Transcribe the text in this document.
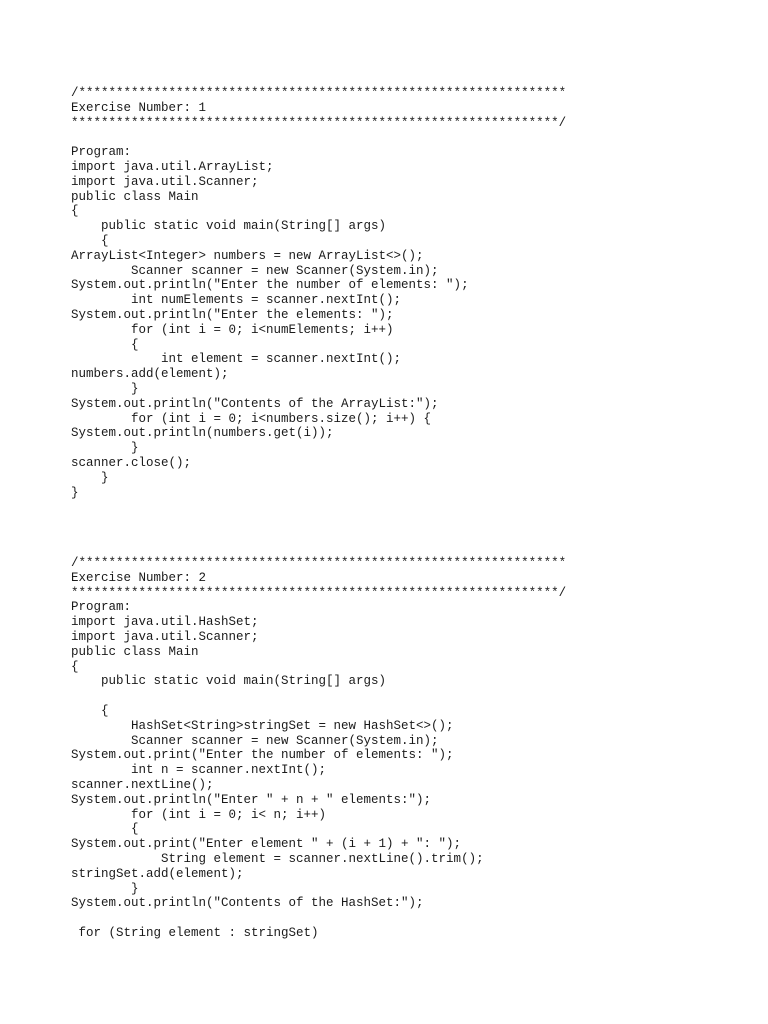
/*****************************************************************
Exercise Number: 1
*****************************************************************/
Program:
import java.util.ArrayList;
import java.util.Scanner;
public class Main
{
public static void main(String[] args)
{
ArrayList<Integer> numbers = new ArrayList<>();
Scanner scanner = new Scanner(System.in);
System.out.println("Enter the number of elements: ");
int numElements = scanner.nextInt();
System.out.println("Enter the elements: ");
for (int i = 0; i<numElements; i++)
{
int element = scanner.nextInt();
numbers.add(element);
}
System.out.println("Contents of the ArrayList:");
for (int i = 0; i<numbers.size(); i++) {
System.out.println(numbers.get(i));
}
scanner.close();
}
}
/*****************************************************************
Exercise Number: 2
*****************************************************************/
Program:
import java.util.HashSet;
import java.util.Scanner;
public class Main
{
public static void main(String[] args)
{
HashSet<String>stringSet = new HashSet<>();
Scanner scanner = new Scanner(System.in);
System.out.print("Enter the number of elements: ");
int n = scanner.nextInt();
scanner.nextLine();
System.out.println("Enter " + n + " elements:");
for (int i = 0; i< n; i++)
{
System.out.print("Enter element " + (i + 1) + ": ");
String element = scanner.nextLine().trim();
stringSet.add(element);
}
System.out.println("Contents of the HashSet:");
for (String element : stringSet)
